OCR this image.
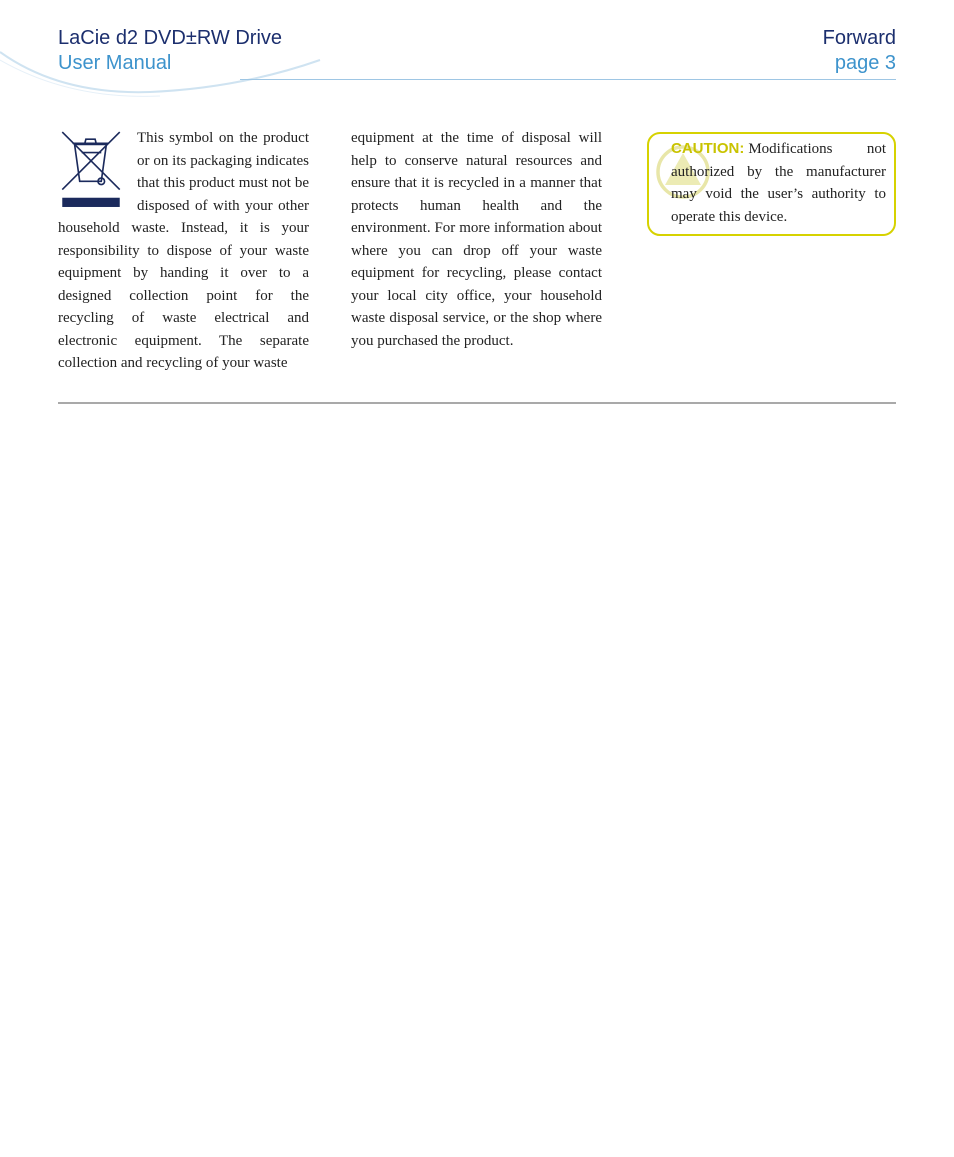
LaCie d2 DVD±RW Drive
User Manual
Forward
page 3
This symbol on the product or on its packaging indicates that this product must not be disposed of with your other household waste. Instead, it is your responsibility to dispose of your waste equipment by handing it over to a designed collection point for the recycling of waste electrical and electronic equipment. The separate collection and recycling of your waste
equipment at the time of disposal will help to conserve natural resources and ensure that it is recycled in a manner that protects human health and the environment. For more information about where you can drop off your waste equipment for recycling, please contact your local city office, your household waste disposal service, or the shop where you purchased the product.
CAUTION: Modifications not authorized by the manufacturer may void the user’s authority to operate this device.
